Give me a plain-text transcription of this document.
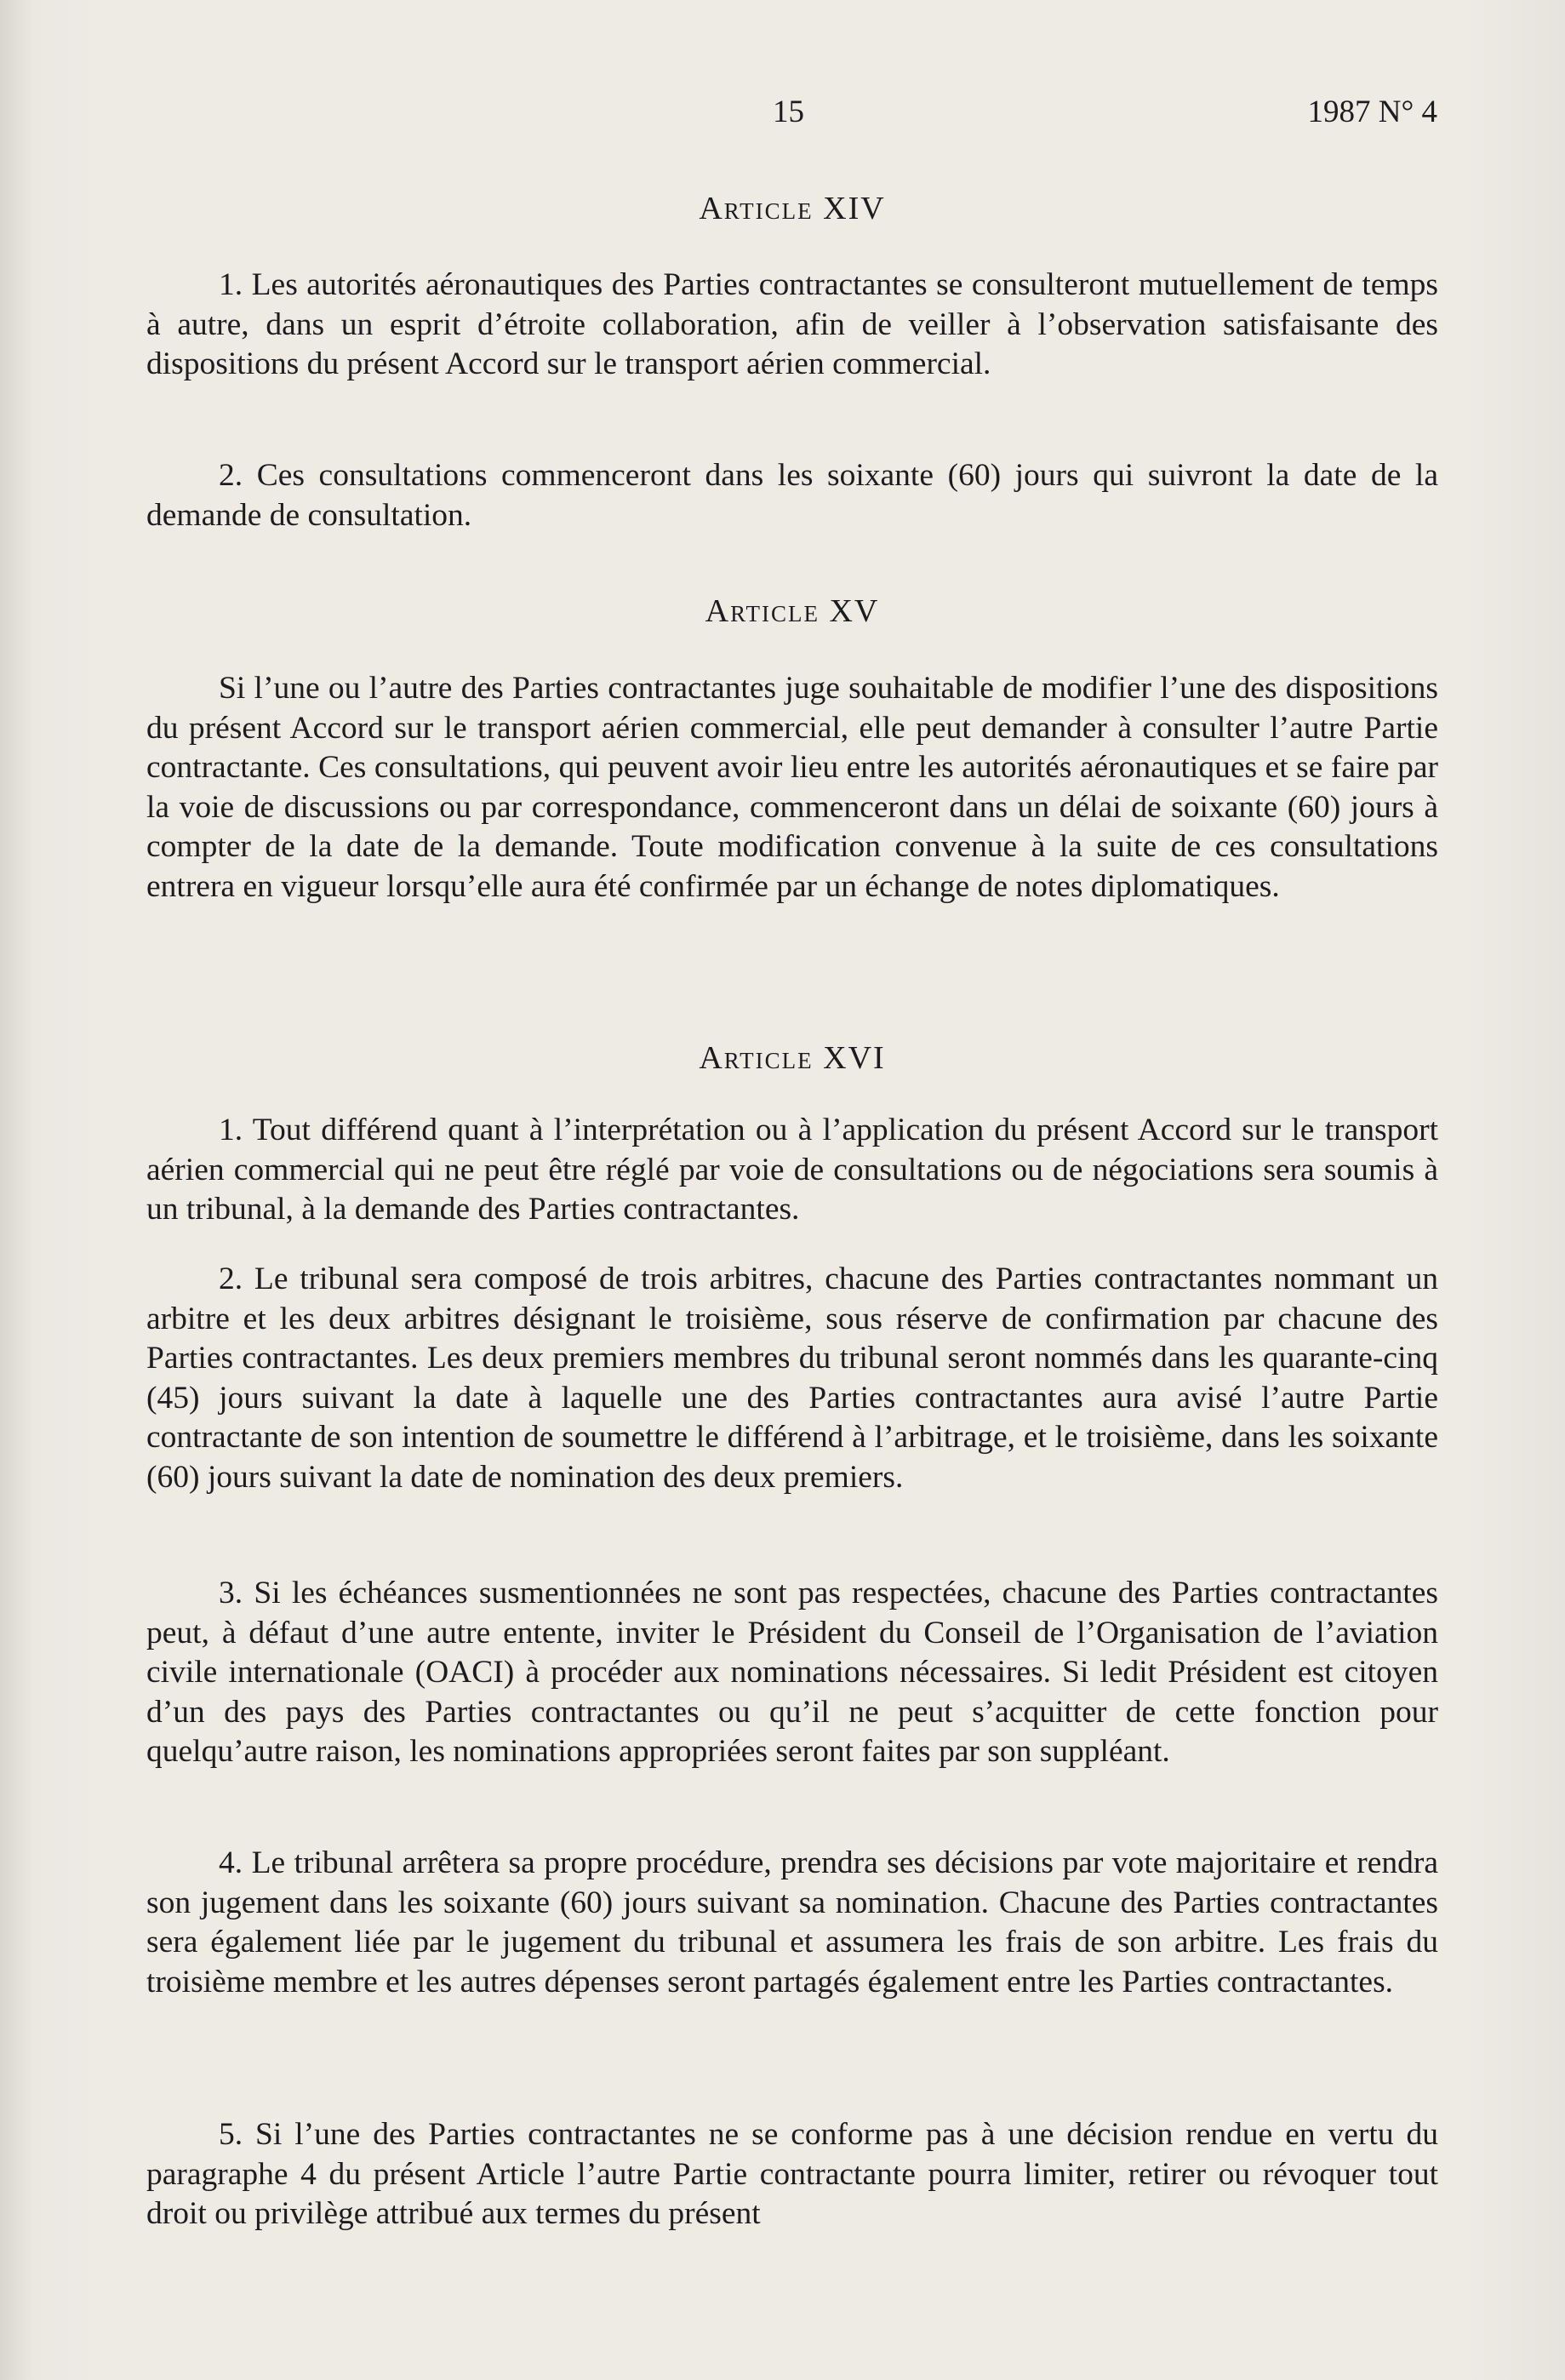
15	1987 N° 4
Article XIV

1. Les autorités aéronautiques des Parties contractantes se consulteront mutuellement de temps à autre, dans un esprit d’étroite collaboration, afin de veiller à l’observation satisfaisante des dispositions du présent Accord sur le transport aérien commercial.

2. Ces consultations commenceront dans les soixante (60) jours qui suivront la date de la demande de consultation.

Article XV

Si l’une ou l’autre des Parties contractantes juge souhaitable de modifier l’une des dispositions du présent Accord sur le transport aérien commercial, elle peut demander à consulter l’autre Partie contractante. Ces consultations, qui peuvent avoir lieu entre les autorités aéronautiques et se faire par la voie de discussions ou par correspondance, commenceront dans un délai de soixante (60) jours à compter de la date de la demande. Toute modification convenue à la suite de ces consultations entrera en vigueur lorsqu’elle aura été confirmée par un échange de notes diplomatiques.

Article XVI

1. Tout différend quant à l’interprétation ou à l’application du présent Accord sur le transport aérien commercial qui ne peut être réglé par voie de consultations ou de négociations sera soumis à un tribunal, à la demande des Parties contractantes.

2. Le tribunal sera composé de trois arbitres, chacune des Parties contractantes nommant un arbitre et les deux arbitres désignant le troisième, sous réserve de confirmation par chacune des Parties contractantes. Les deux premiers membres du tribunal seront nommés dans les quarante-cinq (45) jours suivant la date à laquelle une des Parties contractantes aura avisé l’autre Partie contractante de son intention de soumettre le différend à l’arbitrage, et le troisième, dans les soixante (60) jours suivant la date de nomination des deux premiers.

3. Si les échéances susmentionnées ne sont pas respectées, chacune des Parties contractantes peut, à défaut d’une autre entente, inviter le Président du Conseil de l’Organisation de l’aviation civile internationale (OACI) à procéder aux nominations nécessaires. Si ledit Président est citoyen d’un des pays des Parties contractantes ou qu’il ne peut s’acquitter de cette fonction pour quelqu’autre raison, les nominations appropriées seront faites par son suppléant.

4. Le tribunal arrêtera sa propre procédure, prendra ses décisions par vote majoritaire et rendra son jugement dans les soixante (60) jours suivant sa nomination. Chacune des Parties contractantes sera également liée par le jugement du tribunal et assumera les frais de son arbitre. Les frais du troisième membre et les autres dépenses seront partagés également entre les Parties contractantes.

5. Si l’une des Parties contractantes ne se conforme pas à une décision rendue en vertu du paragraphe 4 du présent Article l’autre Partie contractante pourra limiter, retirer ou révoquer tout droit ou privilège attribué aux termes du présent
